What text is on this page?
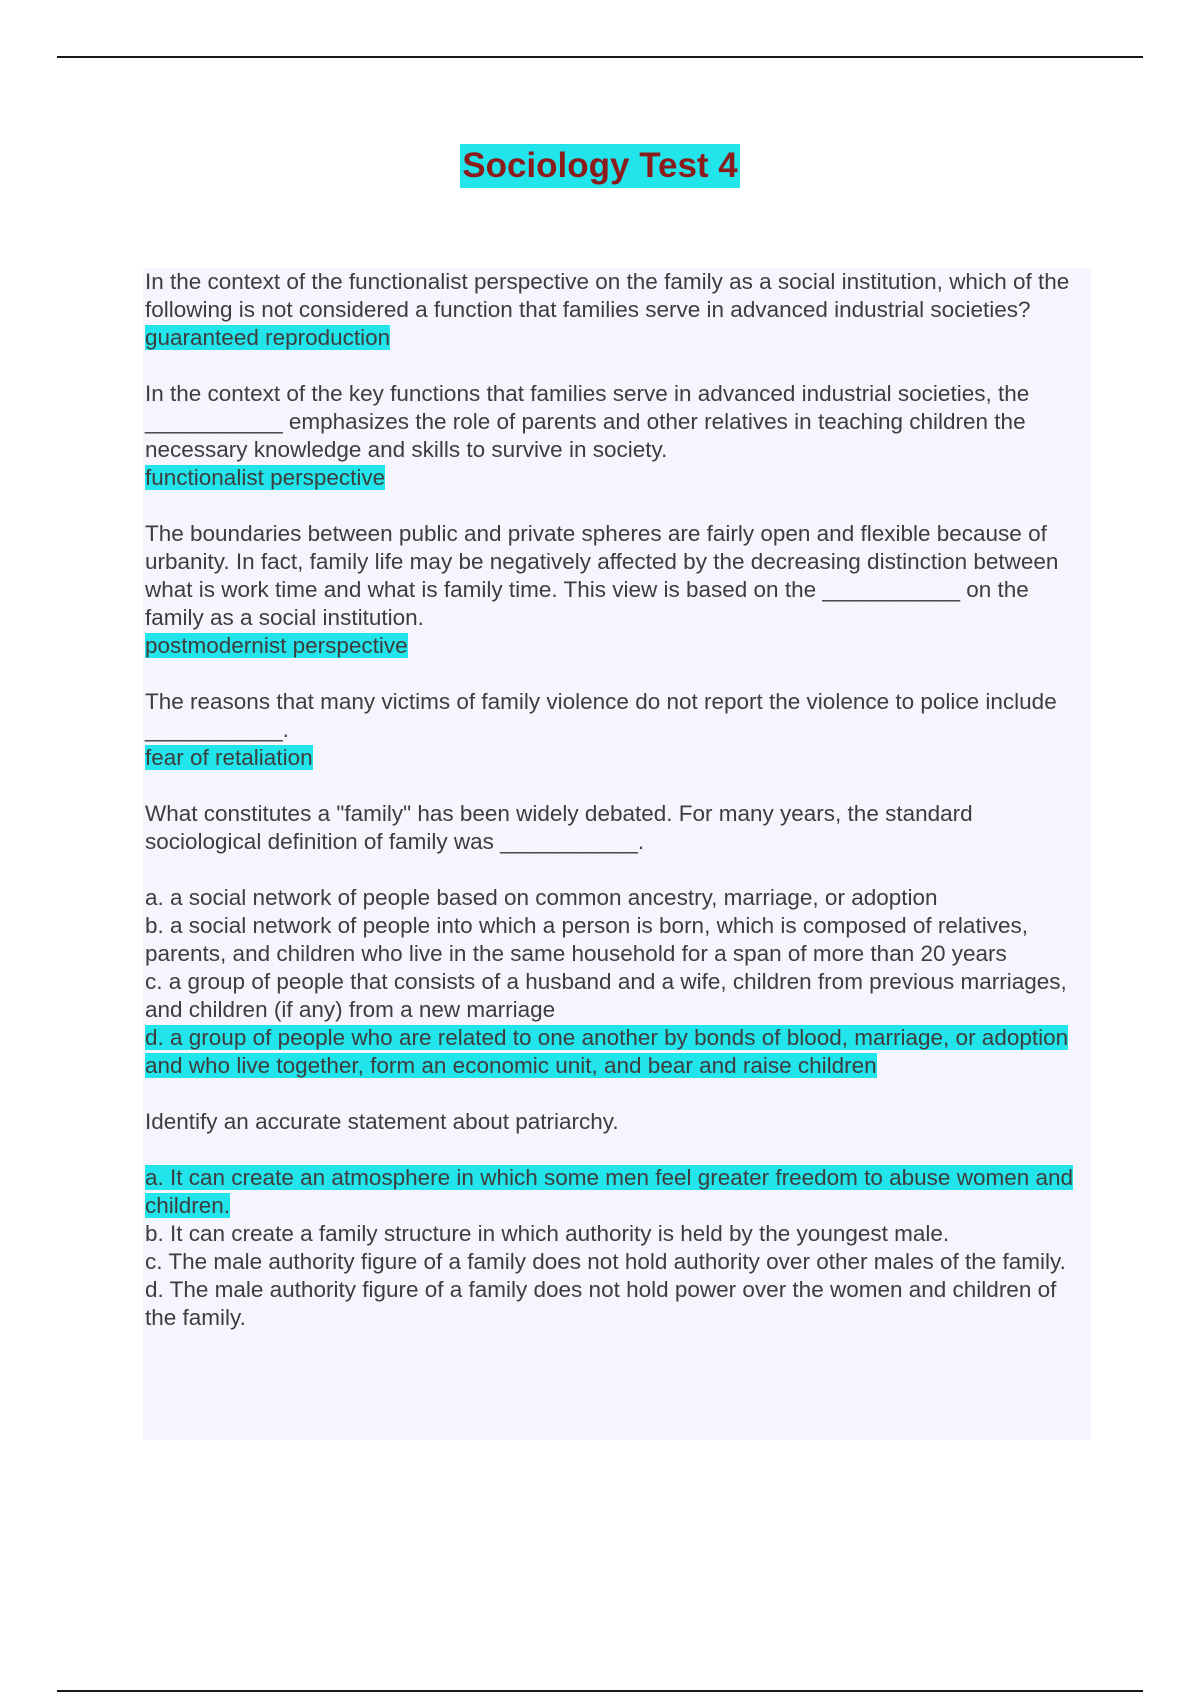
Sociology Test 4
In the context of the functionalist perspective on the family as a social institution, which of the following is not considered a function that families serve in advanced industrial societies?
guaranteed reproduction
In the context of the key functions that families serve in advanced industrial societies, the ___________ emphasizes the role of parents and other relatives in teaching children the necessary knowledge and skills to survive in society.
functionalist perspective
The boundaries between public and private spheres are fairly open and flexible because of urbanity. In fact, family life may be negatively affected by the decreasing distinction between what is work time and what is family time. This view is based on the ___________ on the family as a social institution.
postmodernist perspective
The reasons that many victims of family violence do not report the violence to police include ___________.
fear of retaliation
What constitutes a "family" has been widely debated. For many years, the standard sociological definition of family was ___________.
a. a social network of people based on common ancestry, marriage, or adoption
b. a social network of people into which a person is born, which is composed of relatives, parents, and children who live in the same household for a span of more than 20 years
c. a group of people that consists of a husband and a wife, children from previous marriages, and children (if any) from a new marriage
d. a group of people who are related to one another by bonds of blood, marriage, or adoption and who live together, form an economic unit, and bear and raise children
Identify an accurate statement about patriarchy.
a. It can create an atmosphere in which some men feel greater freedom to abuse women and children.
b. It can create a family structure in which authority is held by the youngest male.
c. The male authority figure of a family does not hold authority over other males of the family.
d. The male authority figure of a family does not hold power over the women and children of the family.
